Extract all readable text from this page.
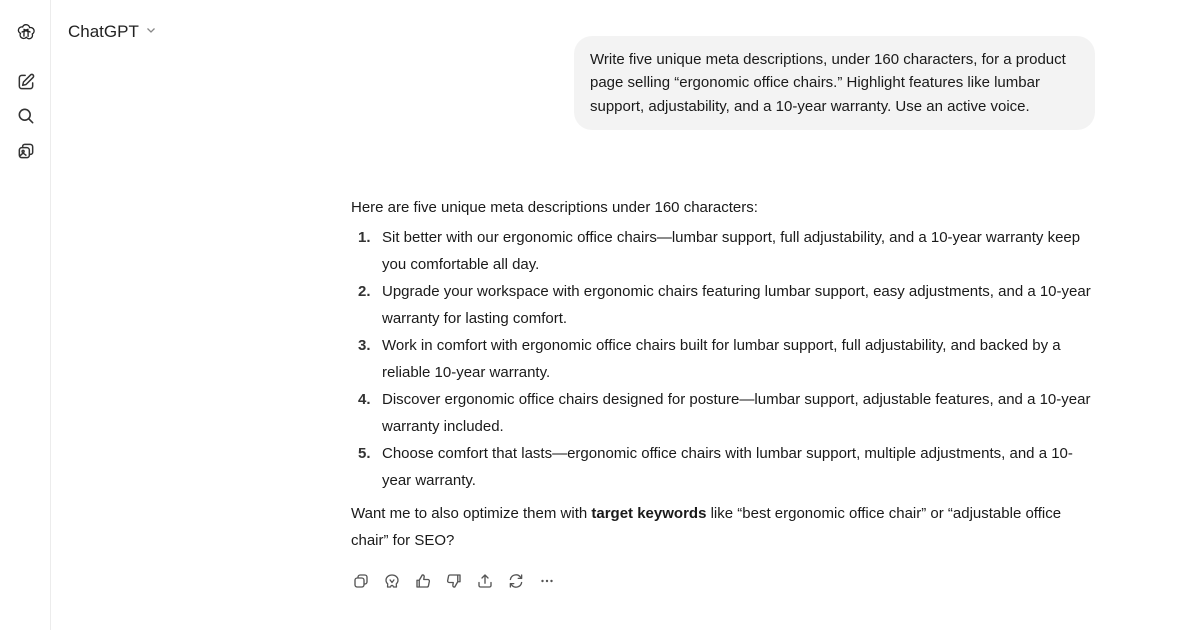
ChatGPT
Write five unique meta descriptions, under 160 characters, for a product page selling “ergonomic office chairs.” Highlight features like lumbar support, adjustability, and a 10-year warranty. Use an active voice.
Here are five unique meta descriptions under 160 characters:
1. Sit better with our ergonomic office chairs—lumbar support, full adjustability, and a 10-year warranty keep you comfortable all day.
2. Upgrade your workspace with ergonomic chairs featuring lumbar support, easy adjustments, and a 10-year warranty for lasting comfort.
3. Work in comfort with ergonomic office chairs built for lumbar support, full adjustability, and backed by a reliable 10-year warranty.
4. Discover ergonomic office chairs designed for posture—lumbar support, adjustable features, and a 10-year warranty included.
5. Choose comfort that lasts—ergonomic office chairs with lumbar support, multiple adjustments, and a 10-year warranty.
Want me to also optimize them with target keywords like “best ergonomic office chair” or “adjustable office chair” for SEO?
